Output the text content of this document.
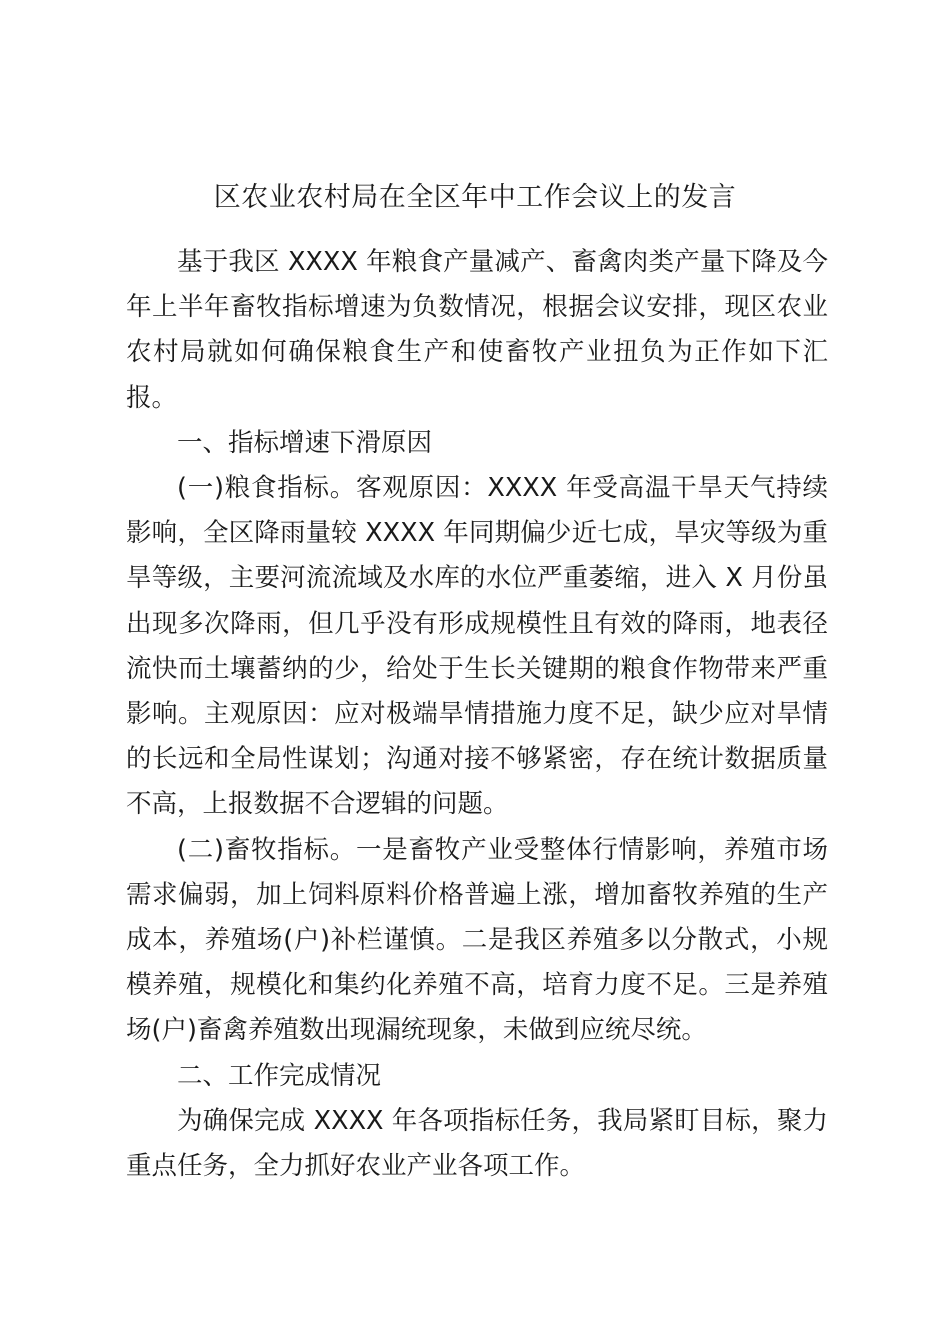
区农业农村局在全区年中工作会议上的发言

基于我区 XXXX 年粮食产量减产、畜禽肉类产量下降及今年上半年畜牧指标增速为负数情况，根据会议安排，现区农业农村局就如何确保粮食生产和使畜牧产业扭负为正作如下汇报。

一、指标增速下滑原因

(一)粮食指标。客观原因：XXXX 年受高温干旱天气持续影响，全区降雨量较 XXXX 年同期偏少近七成，旱灾等级为重旱等级，主要河流流域及水库的水位严重萎缩，进入 X 月份虽出现多次降雨，但几乎没有形成规模性且有效的降雨，地表径流快而土壤蓄纳的少，给处于生长关键期的粮食作物带来严重影响。主观原因：应对极端旱情措施力度不足，缺少应对旱情的长远和全局性谋划；沟通对接不够紧密，存在统计数据质量不高，上报数据不合逻辑的问题。

(二)畜牧指标。一是畜牧产业受整体行情影响，养殖市场需求偏弱，加上饲料原料价格普遍上涨，增加畜牧养殖的生产成本，养殖场(户)补栏谨慎。二是我区养殖多以分散式，小规模养殖，规模化和集约化养殖不高，培育力度不足。三是养殖场(户)畜禽养殖数出现漏统现象，未做到应统尽统。

二、工作完成情况

为确保完成 XXXX 年各项指标任务，我局紧盯目标，聚力重点任务，全力抓好农业产业各项工作。
